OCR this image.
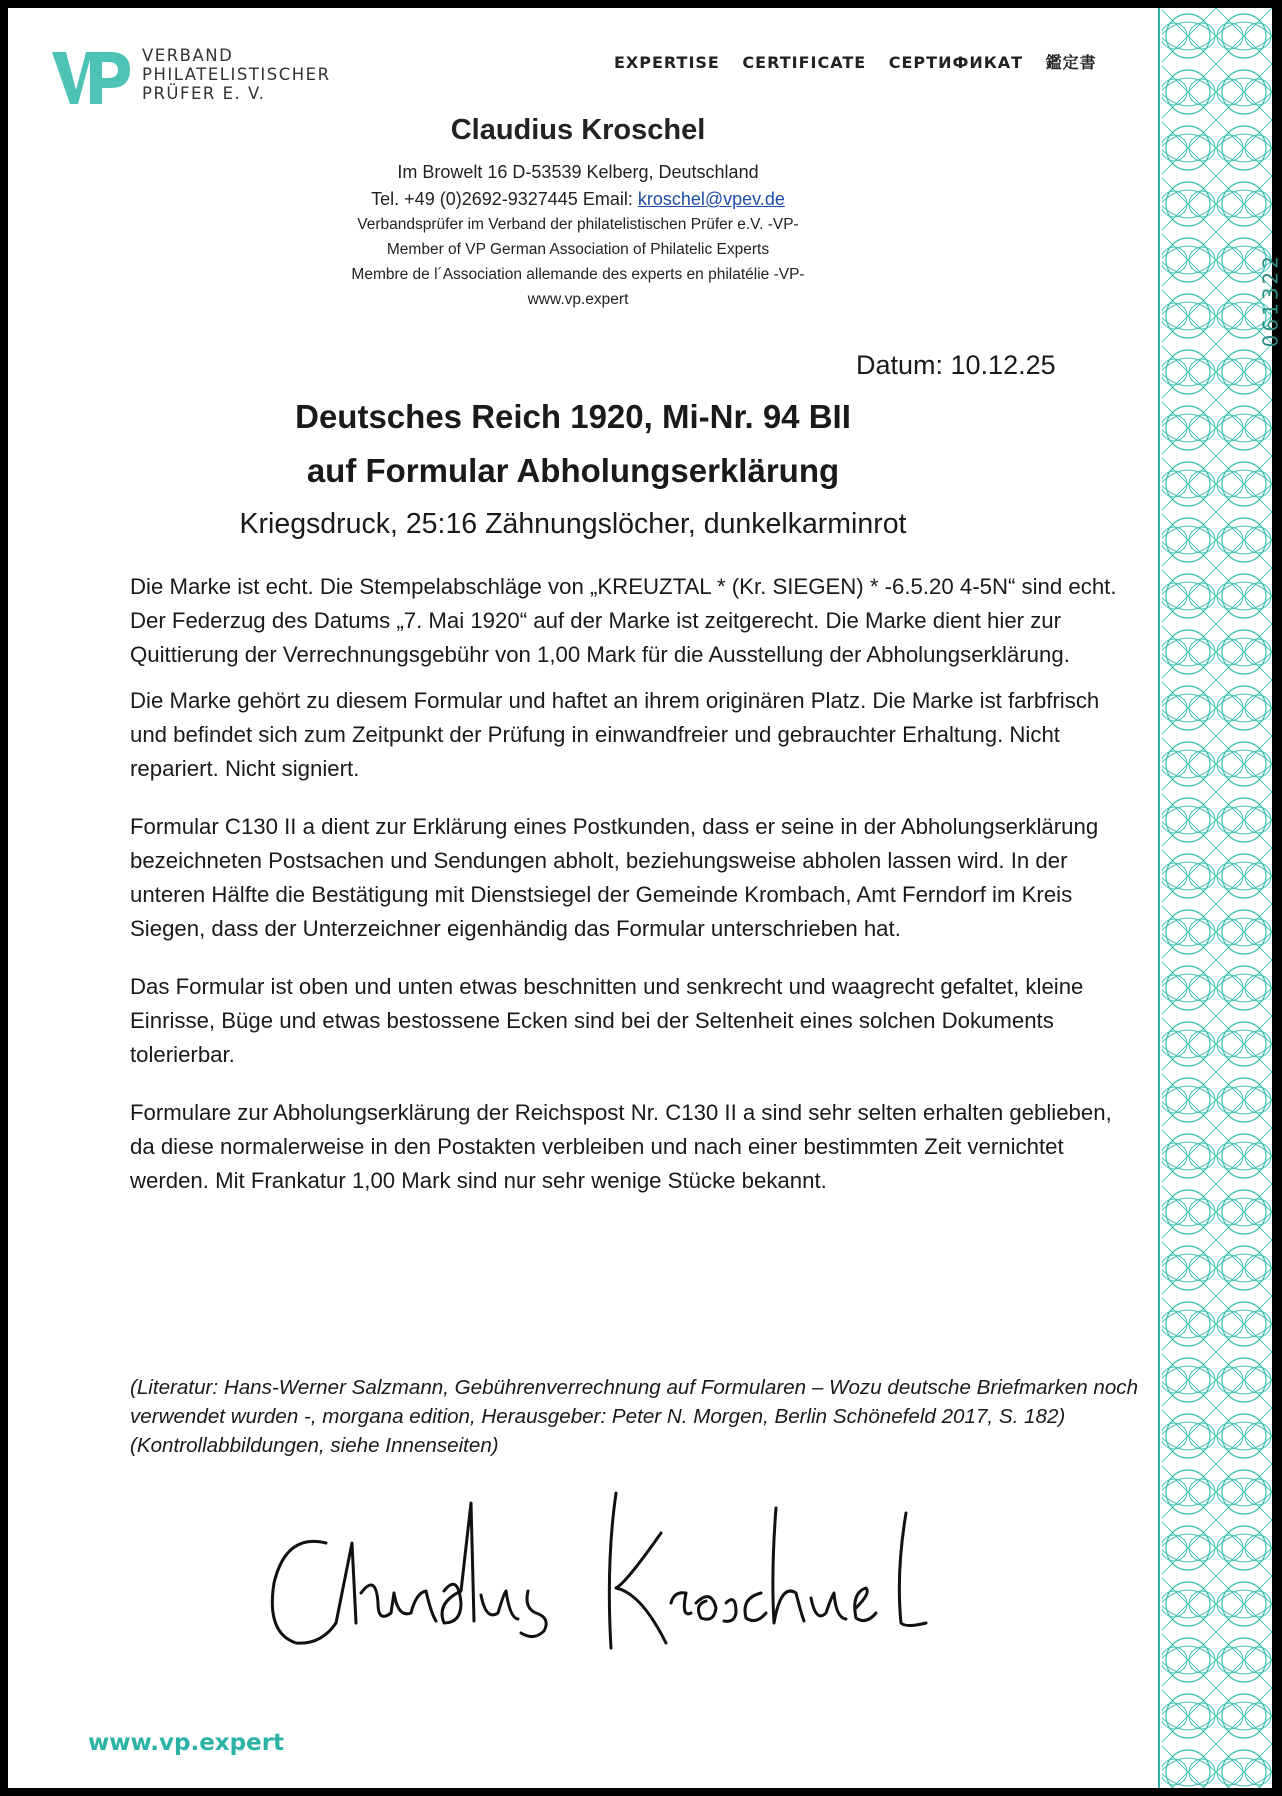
061322
VERBAND
PHILATELISTISCHER
PRÜFER E. V.
EXPERTISE CERTIFICATE СЕРТИФИКАТ 鑑定書
Claudius Kroschel
Im Browelt 16 D-53539 Kelberg, Deutschland
Tel. +49 (0)2692-9327445 Email: kroschel@vpev.de
Verbandsprüfer im Verband der philatelistischen Prüfer e.V. -VP-
Member of VP German Association of Philatelic Experts
Membre de l´Association allemande des experts en philatélie -VP-
www.vp.expert
Datum: 10.12.25
Deutsches Reich 1920, Mi-Nr. 94 BII
auf Formular Abholungserklärung
Kriegsdruck, 25:16 Zähnungslöcher, dunkelkarminrot

Die Marke ist echt. Die Stempelabschläge von „KREUZTAL * (Kr. SIEGEN) * -6.5.20 4-5N“ sind echt. Der Federzug des Datums „7. Mai 1920“ auf der Marke ist zeitgerecht. Die Marke dient hier zur Quittierung der Verrechnungsgebühr von 1,00 Mark für die Ausstellung der Abholungserklärung.

Die Marke gehört zu diesem Formular und haftet an ihrem originären Platz. Die Marke ist farbfrisch und befindet sich zum Zeitpunkt der Prüfung in einwandfreier und gebrauchter Erhaltung. Nicht repariert. Nicht signiert.

Formular C130 II a dient zur Erklärung eines Postkunden, dass er seine in der Abholungserklärung bezeichneten Postsachen und Sendungen abholt, beziehungsweise abholen lassen wird. In der unteren Hälfte die Bestätigung mit Dienstsiegel der Gemeinde Krombach, Amt Ferndorf im Kreis Siegen, dass der Unterzeichner eigenhändig das Formular unterschrieben hat.

Das Formular ist oben und unten etwas beschnitten und senkrecht und waagrecht gefaltet, kleine Einrisse, Büge und etwas bestossene Ecken sind bei der Seltenheit eines solchen Dokuments tolerierbar.

Formulare zur Abholungserklärung der Reichspost Nr. C130 II a sind sehr selten erhalten geblieben, da diese normalerweise in den Postakten verbleiben und nach einer bestimmten Zeit vernichtet werden. Mit Frankatur 1,00 Mark sind nur sehr wenige Stücke bekannt.

(Literatur: Hans-Werner Salzmann, Gebührenverrechnung auf Formularen – Wozu deutsche Briefmarken noch verwendet wurden -, morgana edition, Herausgeber: Peter N. Morgen, Berlin Schönefeld 2017, S. 182)

(Kontrollabbildungen, siehe Innenseiten)

www.vp.expert
